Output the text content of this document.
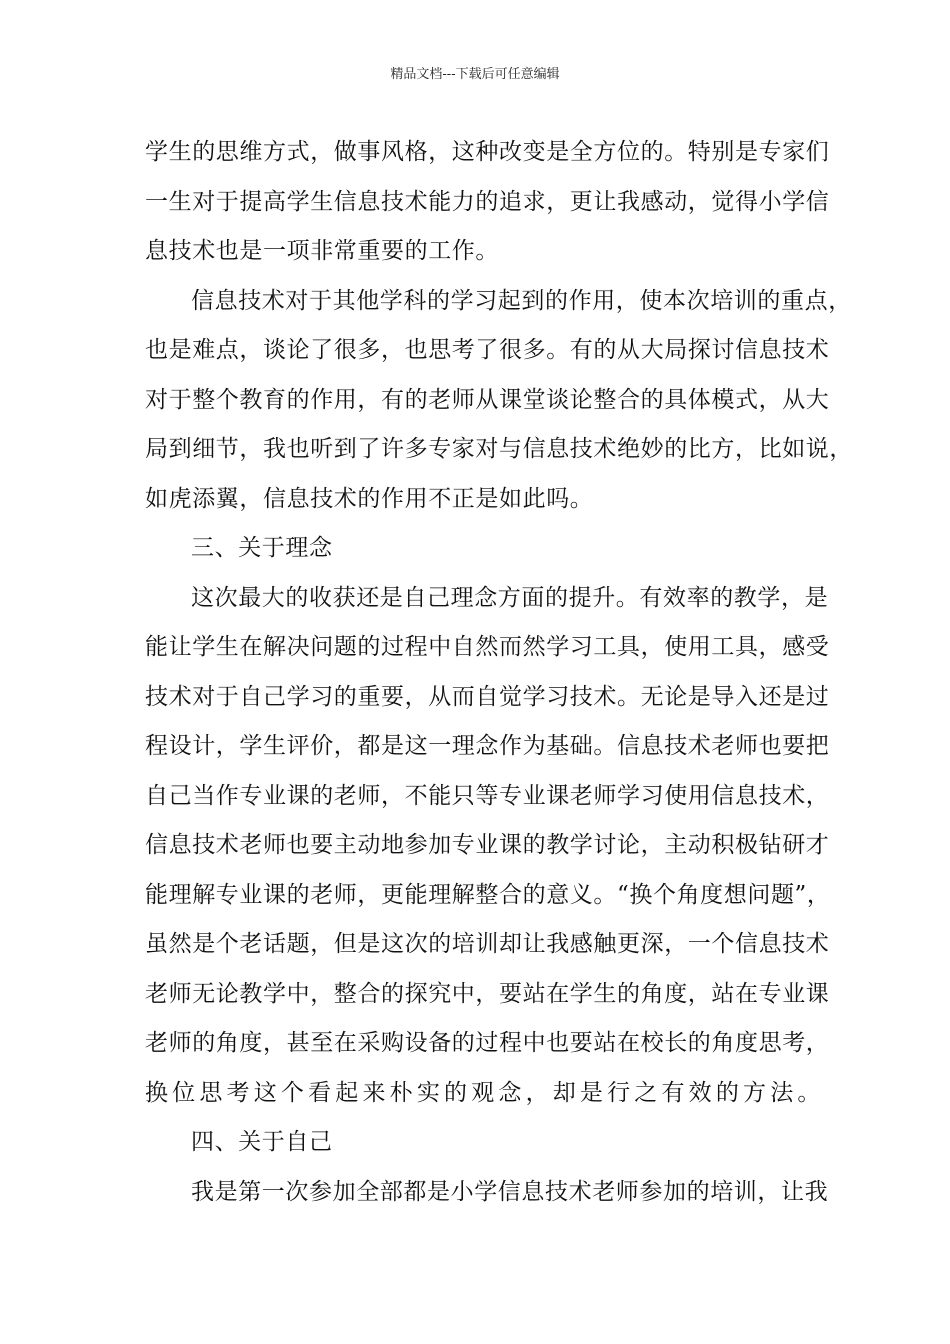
精品文档---下载后可任意编辑
学生的思维方式，做事风格，这种改变是全方位的。特别是专家们
一生对于提高学生信息技术能力的追求，更让我感动，觉得小学信
息技术也是一项非常重要的工作。
信息技术对于其他学科的学习起到的作用，使本次培训的重点，
也是难点，谈论了很多，也思考了很多。有的从大局探讨信息技术
对于整个教育的作用，有的老师从课堂谈论整合的具体模式，从大
局到细节，我也听到了许多专家对与信息技术绝妙的比方，比如说，
如虎添翼，信息技术的作用不正是如此吗。
三、关于理念
这次最大的收获还是自己理念方面的提升。有效率的教学，是
能让学生在解决问题的过程中自然而然学习工具，使用工具，感受
技术对于自己学习的重要，从而自觉学习技术。无论是导入还是过
程设计，学生评价，都是这一理念作为基础。信息技术老师也要把
自己当作专业课的老师，不能只等专业课老师学习使用信息技术，
信息技术老师也要主动地参加专业课的教学讨论，主动积极钻研才
能理解专业课的老师，更能理解整合的意义。“换个角度想问题”，
虽然是个老话题，但是这次的培训却让我感触更深，一个信息技术
老师无论教学中，整合的探究中，要站在学生的角度，站在专业课
老师的角度，甚至在采购设备的过程中也要站在校长的角度思考，
换位思考这个看起来朴实的观念，却是行之有效的方法。
四、关于自己
我是第一次参加全部都是小学信息技术老师参加的培训，让我
